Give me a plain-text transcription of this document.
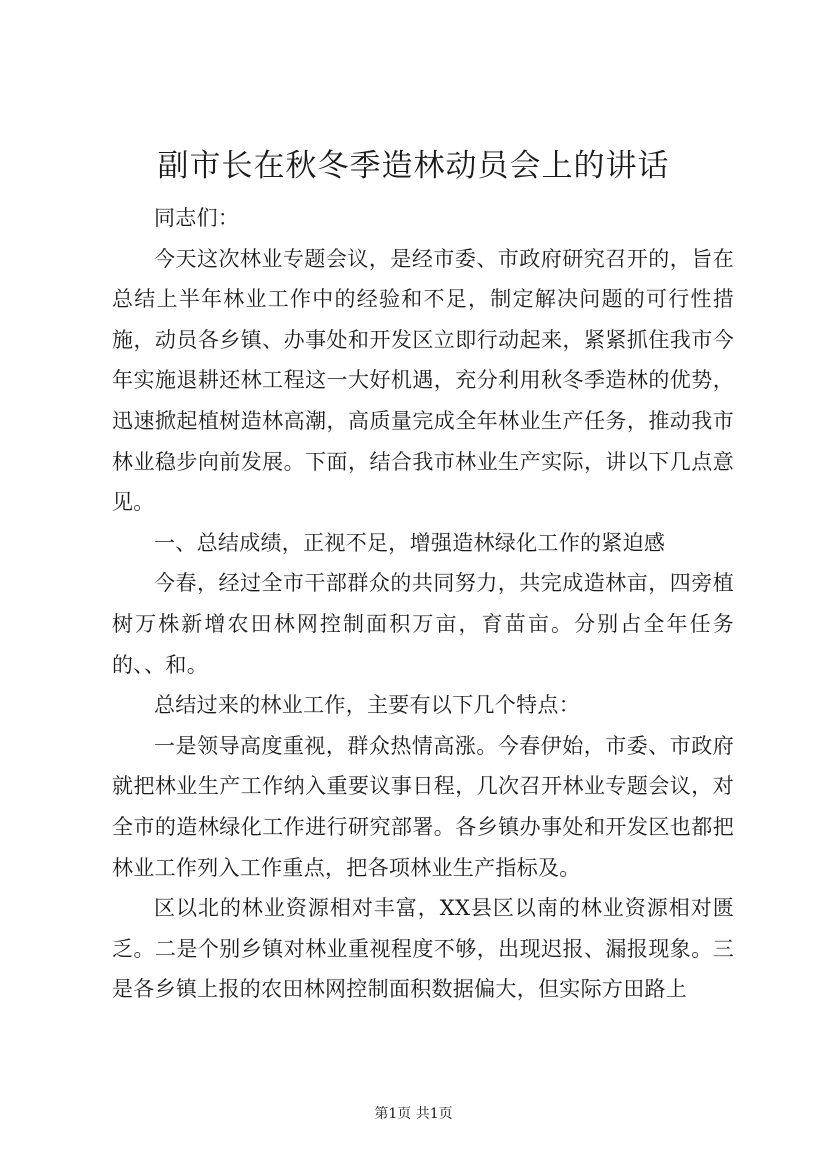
副市长在秋冬季造林动员会上的讲话

同志们：

今天这次林业专题会议，是经市委、市政府研究召开的，旨在总结上半年林业工作中的经验和不足，制定解决问题的可行性措施，动员各乡镇、办事处和开发区立即行动起来，紧紧抓住我市今年实施退耕还林工程这一大好机遇，充分利用秋冬季造林的优势，迅速掀起植树造林高潮，高质量完成全年林业生产任务，推动我市林业稳步向前发展。下面，结合我市林业生产实际，讲以下几点意见。

一、总结成绩，正视不足，增强造林绿化工作的紧迫感

今春，经过全市干部群众的共同努力，共完成造林亩，四旁植树万株新增农田林网控制面积万亩，育苗亩。分别占全年任务的、、和。

总结过来的林业工作，主要有以下几个特点：

一是领导高度重视，群众热情高涨。今春伊始，市委、市政府就把林业生产工作纳入重要议事日程，几次召开林业专题会议，对全市的造林绿化工作进行研究部署。各乡镇办事处和开发区也都把林业工作列入工作重点，把各项林业生产指标及。

区以北的林业资源相对丰富，XX县区以南的林业资源相对匮乏。二是个别乡镇对林业重视程度不够，出现迟报、漏报现象。三是各乡镇上报的农田林网控制面积数据偏大，但实际方田路上

第1页 共1页
